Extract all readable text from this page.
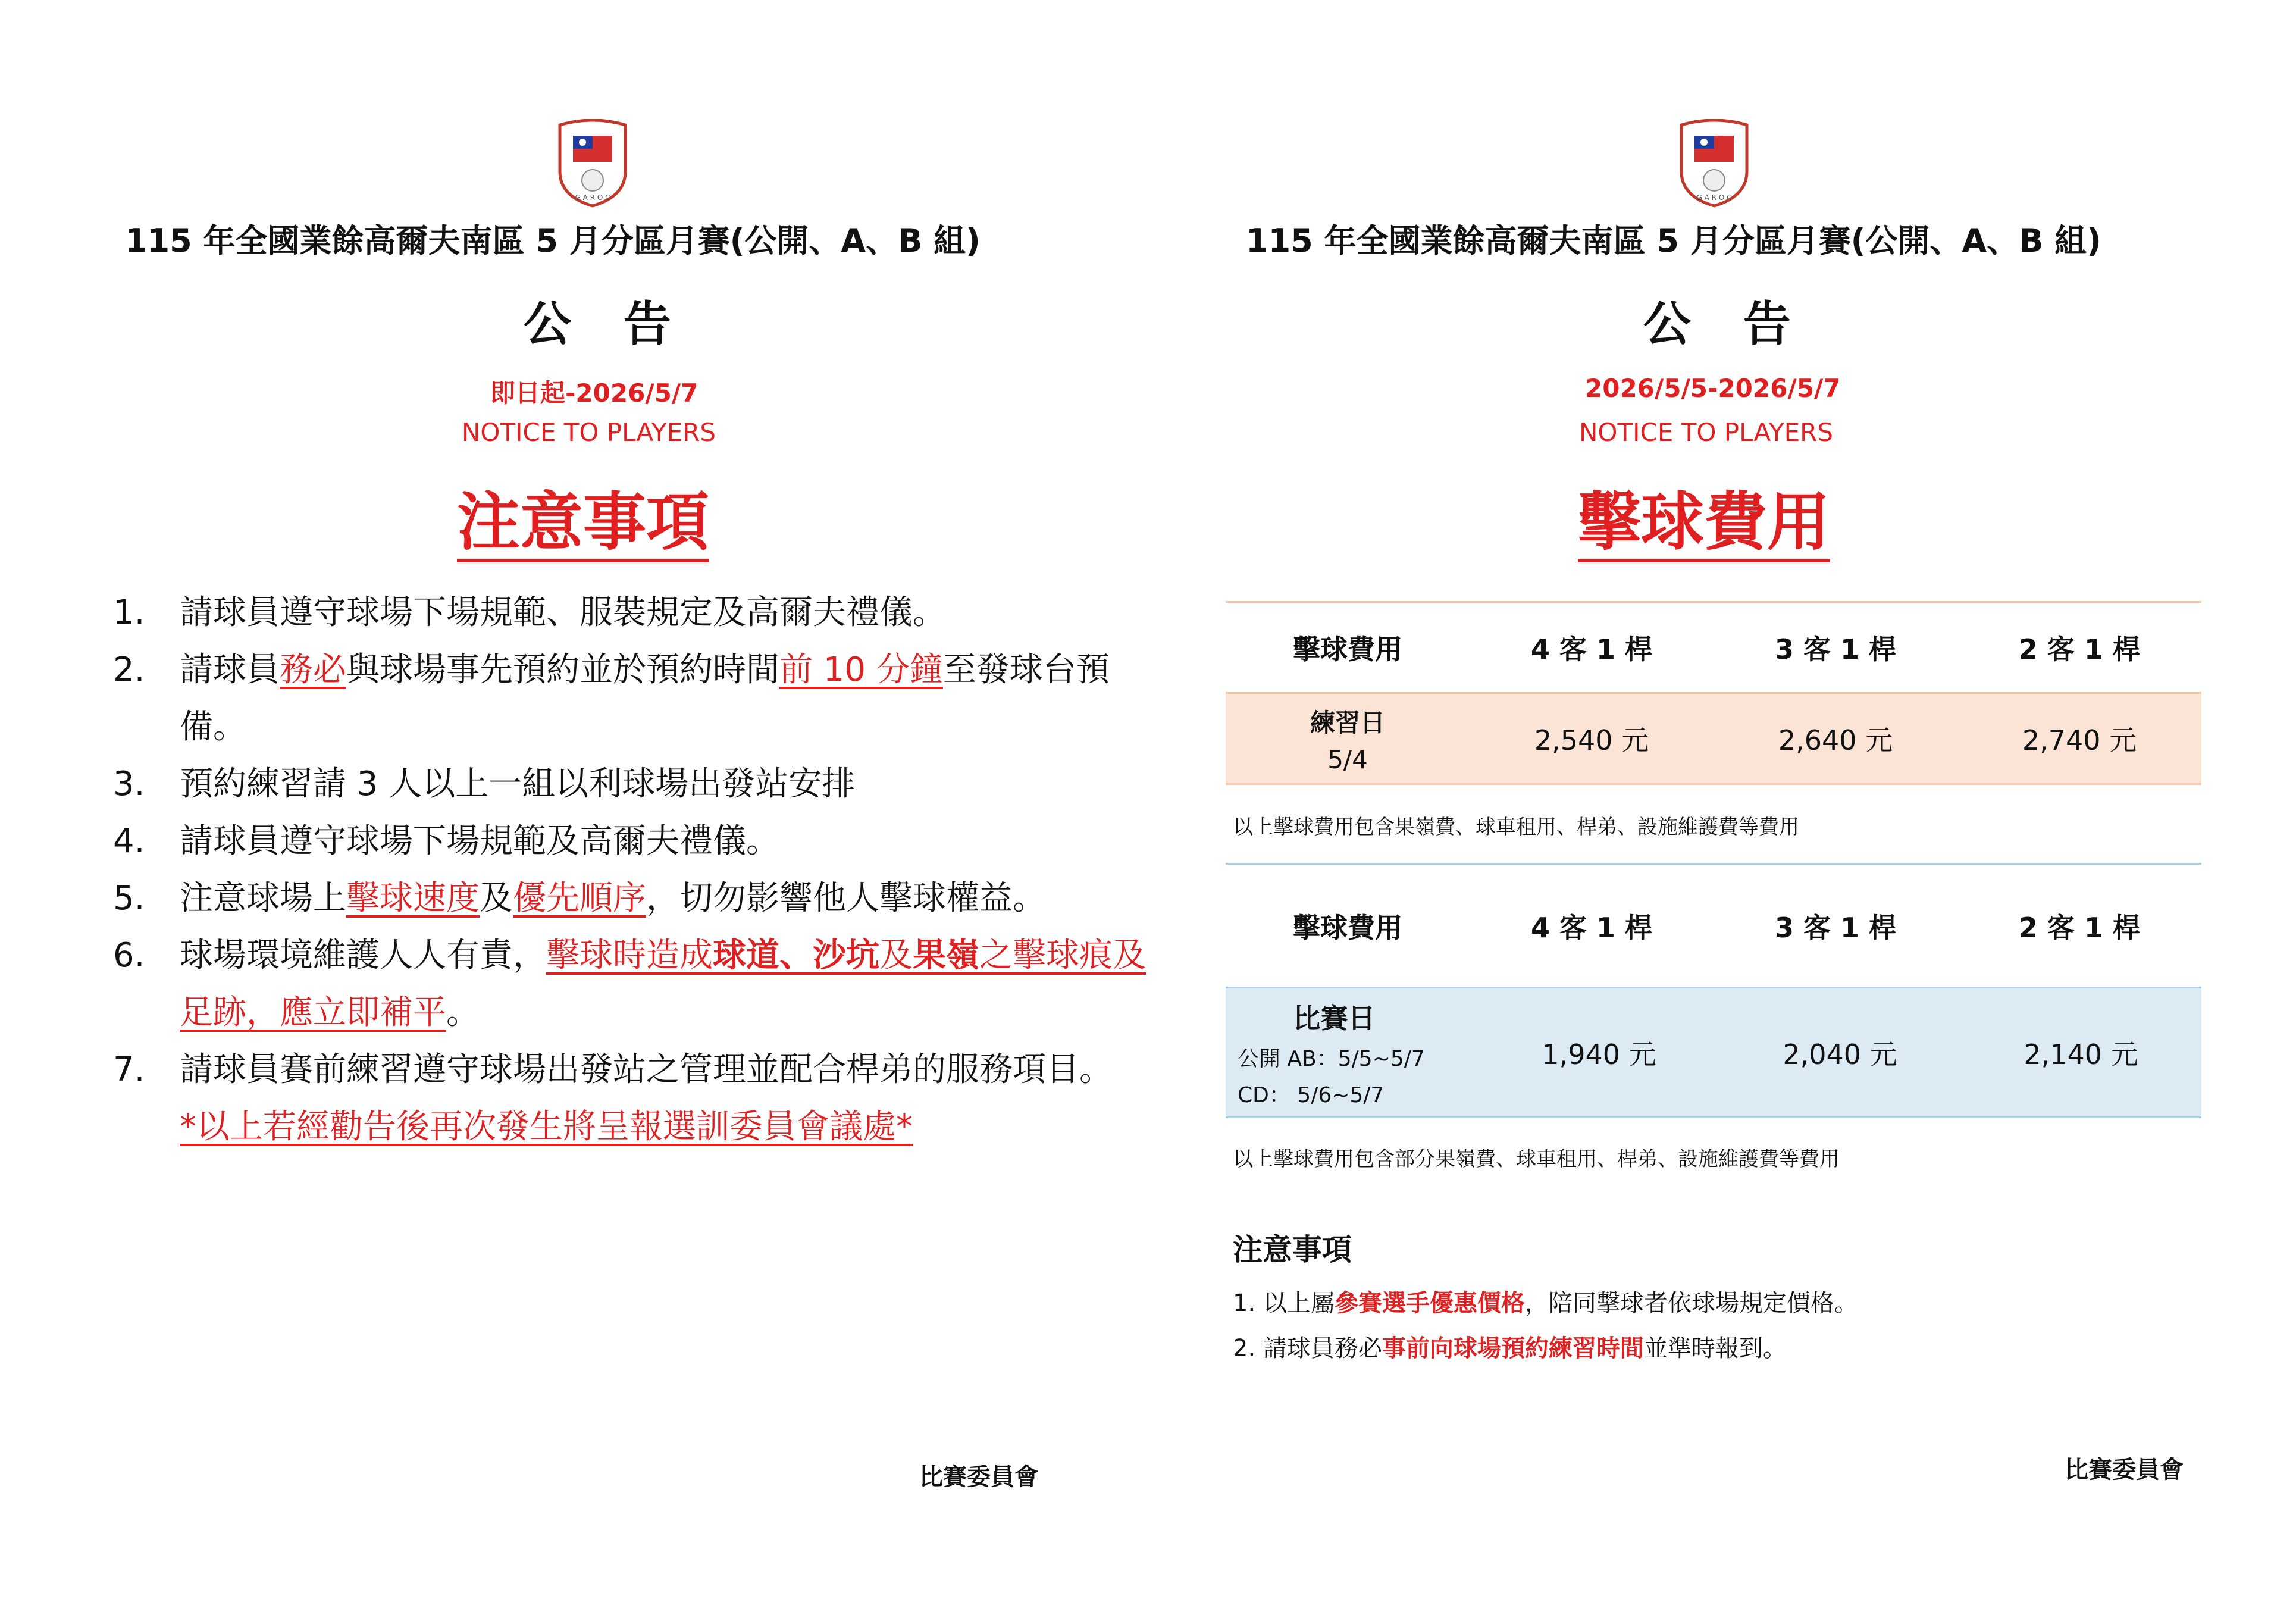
G A R O C
115 年全國業餘高爾夫南區 5 月分區月賽(公開、A、B 組)
公 告
即日起-2026/5/7
NOTICE TO PLAYERS
注意事項
1. 請球員遵守球場下場規範、服裝規定及高爾夫禮儀。
2. 請球員務必與球場事先預約並於預約時間前 10 分鐘至發球台預備。
3. 預約練習請 3 人以上一組以利球場出發站安排
4. 請球員遵守球場下場規範及高爾夫禮儀。
5. 注意球場上擊球速度及優先順序，切勿影響他人擊球權益。
6. 球場環境維護人人有責，擊球時造成球道、沙坑及果嶺之擊球痕及足跡，應立即補平。
7. 請球員賽前練習遵守球場出發站之管理並配合桿弟的服務項目。
*以上若經勸告後再次發生將呈報選訓委員會議處*
比賽委員會
G A R O C
115 年全國業餘高爾夫南區 5 月分區月賽(公開、A、B 組)
公 告
2026/5/5-2026/5/7
NOTICE TO PLAYERS
擊球費用
擊球費用	4 客 1 桿	3 客 1 桿	2 客 1 桿
練習日
5/4
2,540 元	2,640 元	2,740 元
以上擊球費用包含果嶺費、球車租用、桿弟、設施維護費等費用
擊球費用	4 客 1 桿	3 客 1 桿	2 客 1 桿
比賽日
公開 AB：5/5~5/7
CD： 5/6~5/7
1,940 元	2,040 元	2,140 元
以上擊球費用包含部分果嶺費、球車租用、桿弟、設施維護費等費用
注意事項
1. 以上屬參賽選手優惠價格，陪同擊球者依球場規定價格。
2. 請球員務必事前向球場預約練習時間並準時報到。
比賽委員會
